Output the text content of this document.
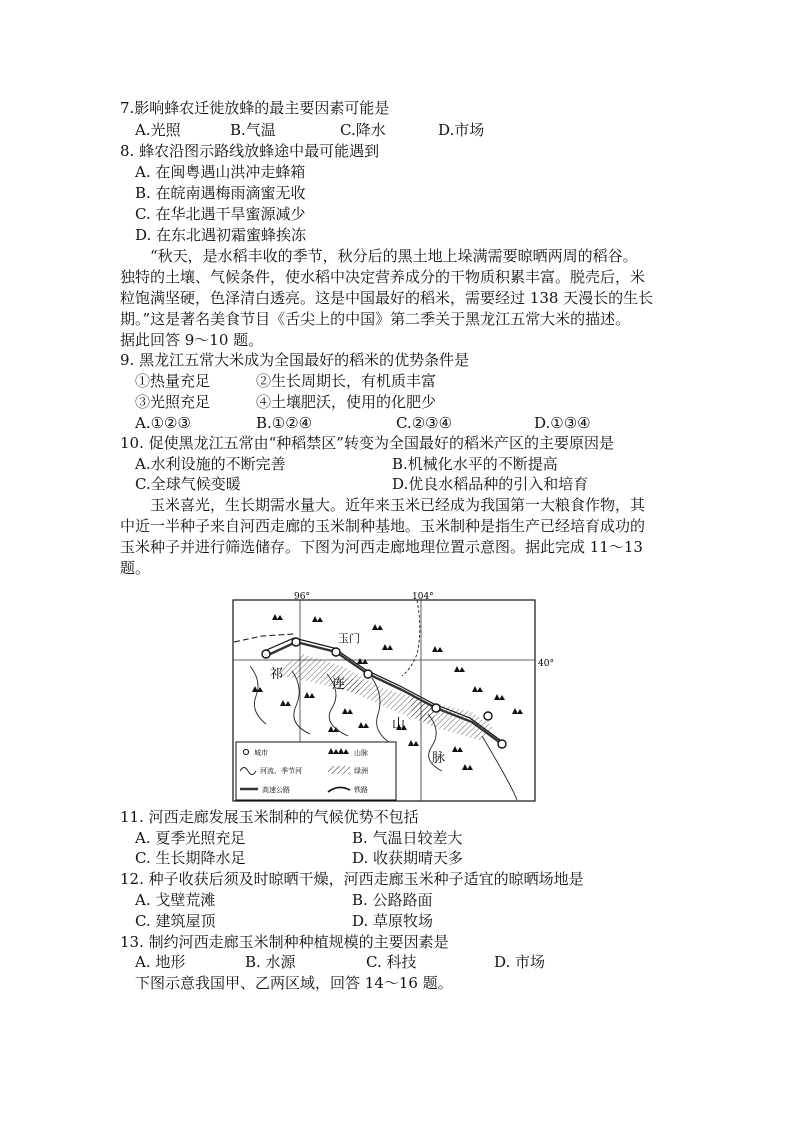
7.影响蜂农迁徙放蜂的最主要因素可能是
A.光照	B.气温	C.降水	D.市场
8. 蜂农沿图示路线放蜂途中最可能遇到
A. 在闽粤遇山洪冲走蜂箱
B. 在皖南遇梅雨滴蜜无收
C. 在华北遇干旱蜜源减少
D. 在东北遇初霜蜜蜂挨冻
“秋天，是水稻丰收的季节，秋分后的黑土地上垛满需要晾晒两周的稻谷。
独特的土壤、气候条件，使水稻中决定营养成分的干物质积累丰富。脱壳后，米
粒饱满坚硬，色泽清白透亮。这是中国最好的稻米，需要经过 138 天漫长的生长
期。”这是著名美食节目《舌尖上的中国》第二季关于黑龙江五常大米的描述。
据此回答 9～10 题。
9. 黑龙江五常大米成为全国最好的稻米的优势条件是
①热量充足	②生长周期长，有机质丰富
③光照充足	④土壤肥沃，使用的化肥少
A.①②③	B.①②④	C.②③④	D.①③④
10. 促使黑龙江五常由“种稻禁区”转变为全国最好的稻米产区的主要原因是
A.水利设施的不断完善	B.机械化水平的不断提高
C.全球气候变暖	D.优良水稻品种的引入和培育
玉米喜光，生长期需水量大。近年来玉米已经成为我国第一大粮食作物，其
中近一半种子来自河西走廊的玉米制种基地。玉米制种是指生产已经培育成功的
玉米种子并进行筛选储存。下图为河西走廊地理位置示意图。据此完成 11～13
题。
96°	104°
40°
玉门
祁
连
山
脉
城市	山脉
河流、季节河	绿洲
高速公路	铁路
11. 河西走廊发展玉米制种的气候优势不包括
A. 夏季光照充足	B. 气温日较差大
C. 生长期降水足	D. 收获期晴天多
12. 种子收获后须及时晾晒干燥，河西走廊玉米种子适宜的晾晒场地是
A. 戈壁荒滩	B. 公路路面
C. 建筑屋顶	D. 草原牧场
13. 制约河西走廊玉米制种种植规模的主要因素是
A. 地形	B. 水源	C. 科技	D. 市场
下图示意我国甲、乙两区域，回答 14～16 题。
